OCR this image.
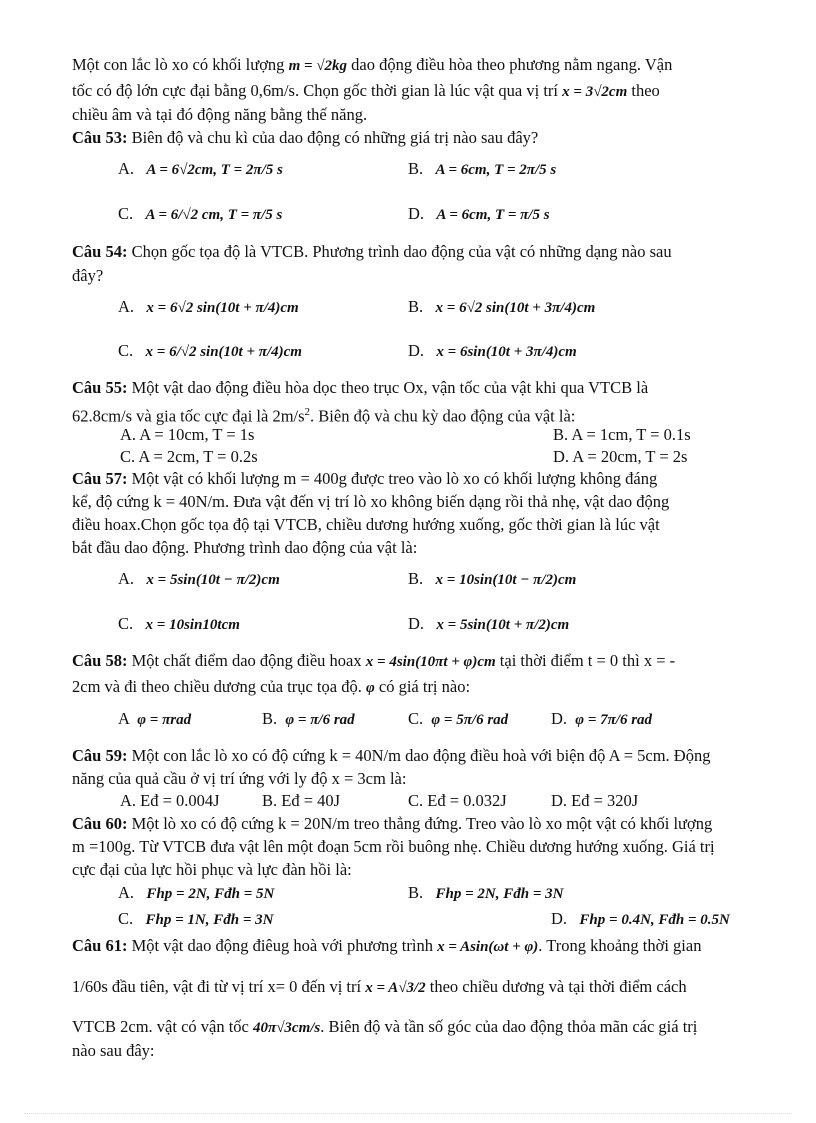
Một con lắc lò xo có khối lượng m = √2kg dao động điều hòa theo phương nằm ngang. Vận
tốc có độ lớn cực đại bằng 0,6m/s. Chọn gốc thời gian là lúc vật qua vị trí x = 3√2cm theo
chiều âm và tại đó động năng bằng thế năng.
Câu 53: Biên độ và chu kì của dao động có những giá trị nào sau đây?
A.   A = 6√2cm, T = 2π/5 s	B.   A = 6cm, T = 2π/5 s
C.   A = 6/√2 cm, T = π/5 s	D.   A = 6cm, T = π/5 s
Câu 54: Chọn gốc tọa độ là VTCB. Phương trình dao động của vật có những dạng nào sau
đây?
A.   x = 6√2 sin(10t + π/4)cm	B.   x = 6√2 sin(10t + 3π/4)cm
C.   x = 6/√2 sin(10t + π/4)cm	D.   x = 6sin(10t + 3π/4)cm
Câu 55: Một vật dao động điều hòa dọc theo trục Ox, vận tốc của vật khi qua VTCB là
62.8cm/s và gia tốc cực đại là $2m/s^2$. Biên độ và chu kỳ dao động của vật là:
A. A = 10cm, T = 1s	B. A = 1cm, T = 0.1s
C. A = 2cm, T = 0.2s	D. A = 20cm, T = 2s
Câu 57: Một vật có khối lượng m = 400g được treo vào lò xo có khối lượng không đáng
kể, độ cứng k = 40N/m. Đưa vật đến vị trí lò xo không biến dạng rồi thả nhẹ, vật dao động
điều hoax.Chọn gốc tọa độ tại VTCB, chiều dương hướng xuống, gốc thời gian là lúc vật
bắt đầu dao động. Phương trình dao động của vật là:
A.   x = 5sin(10t − π/2)cm	B.   x = 10sin(10t − π/2)cm
C.   x = 10sin10tcm	D.   x = 5sin(10t + π/2)cm
Câu 58: Một chất điểm dao động điều hoax x = 4sin(10πt + φ)cm tại thời điểm t = 0 thì x = -
2cm và đi theo chiều dương của trục tọa độ. φ có giá trị nào:
A  φ = πrad	B.  φ = π/6 rad	C.  φ = 5π/6 rad	D.  φ = 7π/6 rad
Câu 59: Một con lắc lò xo có độ cứng k = 40N/m dao động điều hoà với biện độ A = 5cm. Động
năng của quả cầu ở vị trí ứng với ly độ x = 3cm là:
A. Eđ = 0.004J	B. Eđ = 40J	C. Eđ = 0.032J	D. Eđ = 320J
Câu 60: Một lò xo có độ cứng k = 20N/m treo thẳng đứng. Treo vào lò xo một vật có khối lượng
m =100g. Từ VTCB đưa vật lên một đoạn 5cm rồi buông nhẹ. Chiều dương hướng xuống. Giá trị
cực đại của lực hồi phục và lực đàn hồi là:
A.   Fhp = 2N, Fđh = 5N	B.   Fhp = 2N, Fđh = 3N
C.   Fhp = 1N, Fđh = 3N	D.   Fhp = 0.4N, Fđh = 0.5N
Câu 61: Một vật dao động điêug hoà với phương trình x = Asin(ωt + φ). Trong khoảng thời gian
1/60s đầu tiên, vật đi từ vị trí x= 0 đến vị trí x = A√3/2 theo chiều dương và tại thời điểm cách
VTCB 2cm. vật có vận tốc 40π√3cm/s. Biên độ và tần số góc của dao động thỏa mãn các giá trị
nào sau đây:
